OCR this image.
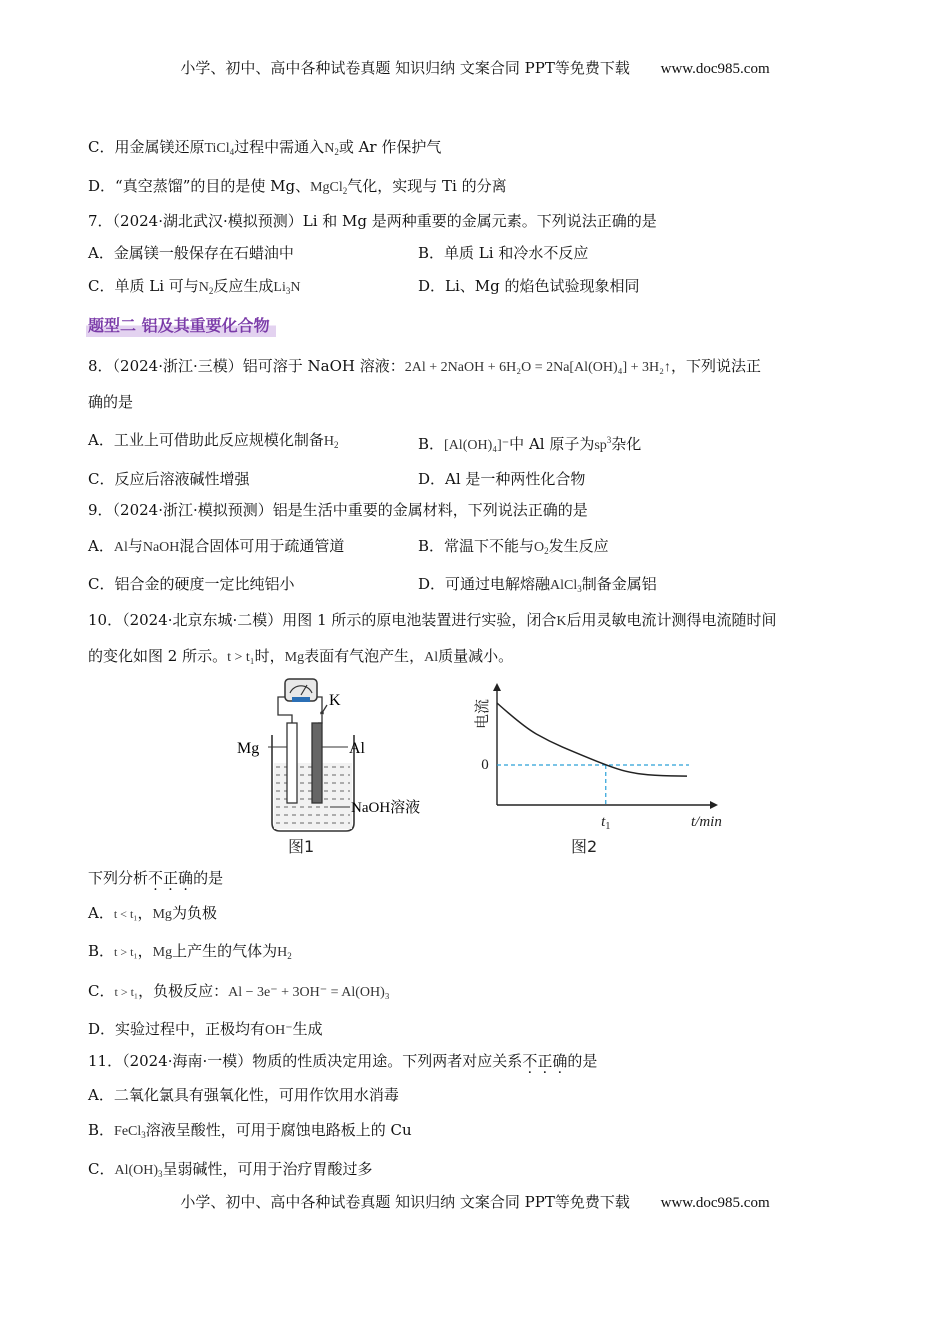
小学、初中、高中各种试卷真题 知识归纳 文案合同 PPT等免费下载 www.doc985.com
C．用金属镁还原TiCl$_4$过程中需通入$N_2$或 Ar 作保护气
D．“真空蒸馏”的目的是使 Mg、MgCl$_2$气化，实现与 Ti 的分离
7．（2024·湖北武汉·模拟预测）Li 和 Mg 是两种重要的金属元素。下列说法正确的是
A．金属镁一般保存在石蜡油中	B．单质 Li 和冷水不反应
C．单质 Li 可与$N_2$反应生成$Li_3N$	D．Li、Mg 的焰色试验现象相同
题型二 铝及其重要化合物
8．（2024·浙江·三模）铝可溶于 NaOH 溶液：2Al + 2NaOH + 6H₂O = 2Na[Al(OH)₄] + 3H₂↑，下列说法正
确的是
A．工业上可借助此反应规模化制备$H_2$	B．[Al(OH)₄]⁻中 Al 原子为$sp^3$杂化
C．反应后溶液碱性增强	D．Al 是一种两性化合物
9．（2024·浙江·模拟预测）铝是生活中重要的金属材料，下列说法正确的是
A．Al与NaOH混合固体可用于疏通管道	B．常温下不能与$O_2$发生反应
C．铝合金的硬度一定比纯铝小	D．可通过电解熔融AlCl$_3$制备金属铝
10．（2024·北京东城·二模）用图 1 所示的原电池装置进行实验，闭合K后用灵敏电流计测得电流随时间
的变化如图 2 所示。t > t₁时，Mg表面有气泡产生，Al质量减小。
K
Mg	Al
NaOH溶液
图1
电流
0
$t_1$	t/min
图2
下列分析不正确的是
A．t < t₁，Mg为负极
B．t > t₁，Mg上产生的气体为$H_2$
C．t > t₁，负极反应：Al − 3e⁻ + 3OH⁻ = Al(OH)₃
D．实验过程中，正极均有OH⁻生成
11．（2024·海南·一模）物质的性质决定用途。下列两者对应关系不正确的是
A．二氧化氯具有强氧化性，可用作饮用水消毒
B．FeCl$_3$溶液呈酸性，可用于腐蚀电路板上的 Cu
C．$Al(OH)_3$呈弱碱性，可用于治疗胃酸过多
小学、初中、高中各种试卷真题 知识归纳 文案合同 PPT等免费下载 www.doc985.com
